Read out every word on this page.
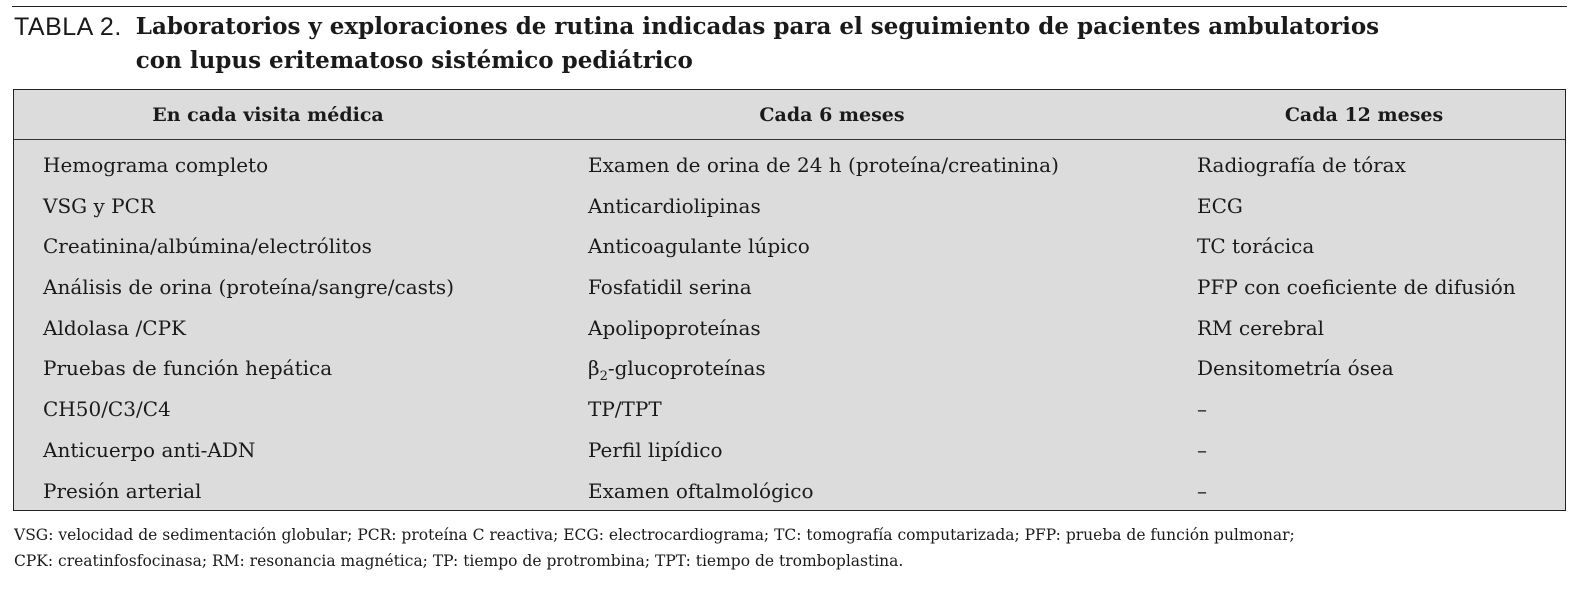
TABLA 2. Laboratorios y exploraciones de rutina indicadas para el seguimiento de pacientes ambulatorios
con lupus eritematoso sistémico pediátrico
En cada visita médica	Cada 6 meses	Cada 12 meses
Hemograma completo	Examen de orina de 24 h (proteína/creatinina)	Radiografía de tórax
VSG y PCR	Anticardiolipinas	ECG
Creatinina/albúmina/electrólitos	Anticoagulante lúpico	TC torácica
Análisis de orina (proteína/sangre/casts)	Fosfatidil serina	PFP con coeficiente de difusión
Aldolasa /CPK	Apolipoproteínas	RM cerebral
Pruebas de función hepática	$\beta_2$-glucoproteínas	Densitometría ósea
CH50/C3/C4	TP/TPT	–
Anticuerpo anti-ADN	Perfil lipídico	–
Presión arterial	Examen oftalmológico	–
VSG: velocidad de sedimentación globular; PCR: proteína C reactiva; ECG: electrocardiograma; TC: tomografía computarizada; PFP: prueba de función pulmonar;
CPK: creatinfosfocinasa; RM: resonancia magnética; TP: tiempo de protrombina; TPT: tiempo de tromboplastina.
